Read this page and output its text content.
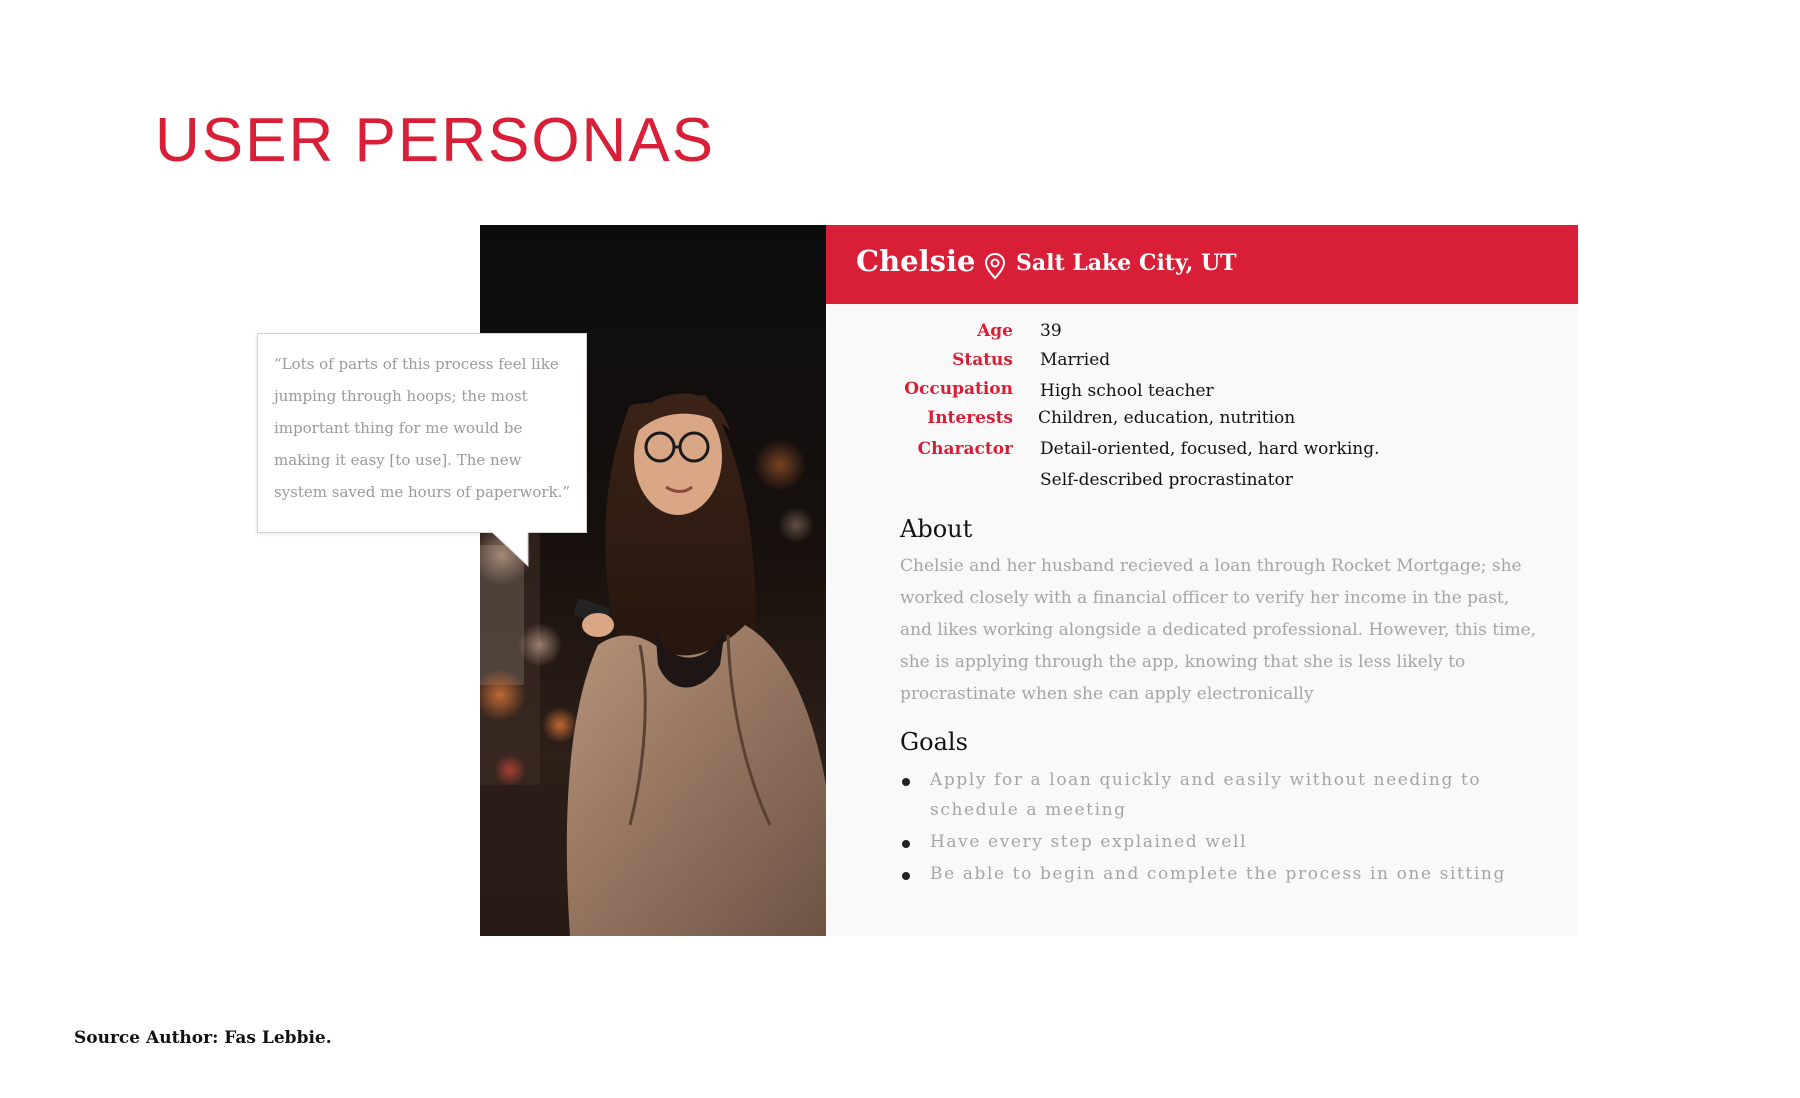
USER PERSONAS
Chelsie Salt Lake City, UT
Age 39
Status Married
Occupation High school teacher
Interests Children, education, nutrition
Charactor Detail-oriented, focused, hard working.
Self-described procrastinator
About

Chelsie and her husband recieved a loan through Rocket Mortgage; she worked closely with a financial officer to verify her income in the past, and likes working alongside a dedicated professional. However, this time, she is applying through the app, knowing that she is less likely to procrastinate when she can apply electronically

Goals
Apply for a loan quickly and easily without needing to schedule a meeting
Have every step explained well
Be able to begin and complete the process in one sitting

“Lots of parts of this process feel like jumping through hoops; the most important thing for me would be making it easy [to use]. The new system saved me hours of paperwork.”

Source Author: Fas Lebbie.
